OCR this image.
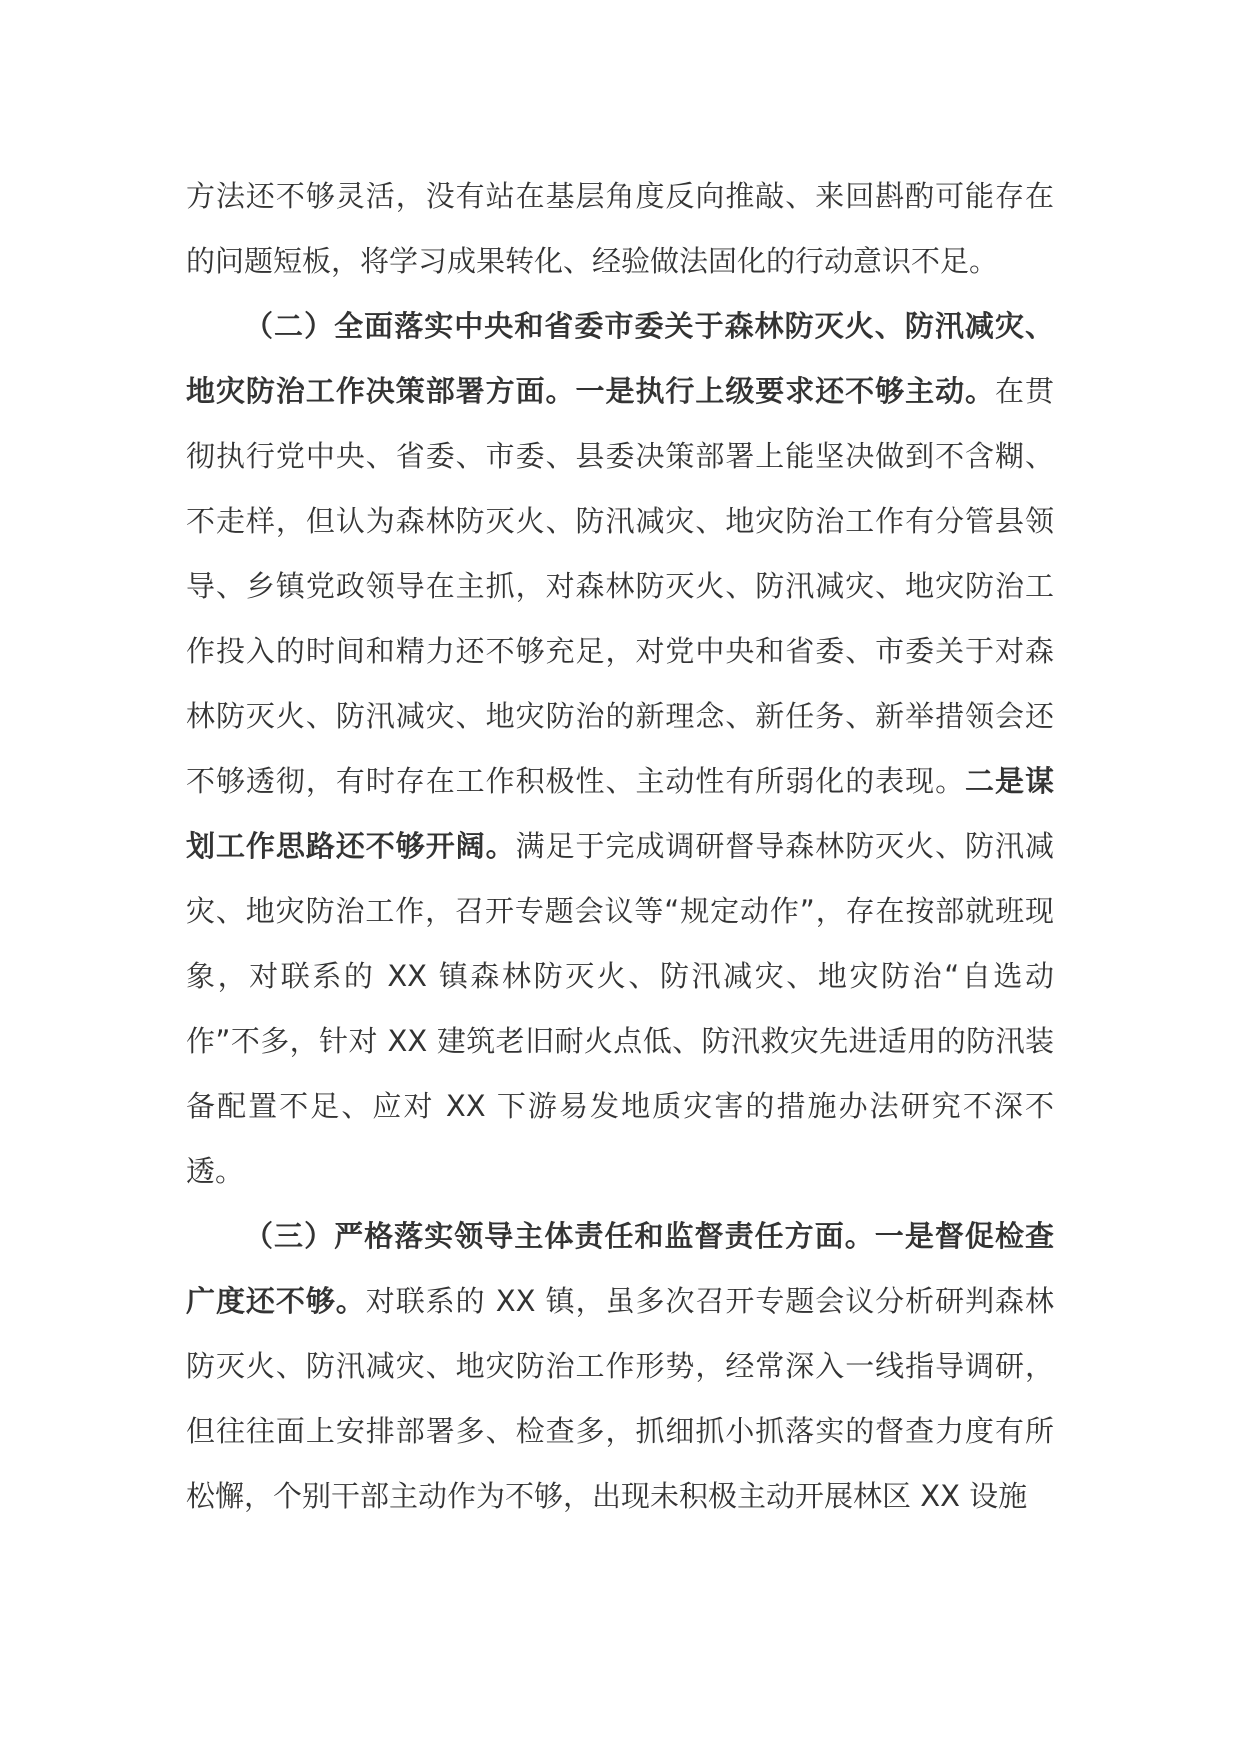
方法还不够灵活，没有站在基层角度反向推敲、来回斟酌可能存在的问题短板，将学习成果转化、经验做法固化的行动意识不足。

（二）全面落实中央和省委市委关于森林防灭火、防汛减灾、地灾防治工作决策部署方面。一是执行上级要求还不够主动。在贯彻执行党中央、省委、市委、县委决策部署上能坚决做到不含糊、不走样，但认为森林防灭火、防汛减灾、地灾防治工作有分管县领导、乡镇党政领导在主抓，对森林防灭火、防汛减灾、地灾防治工作投入的时间和精力还不够充足，对党中央和省委、市委关于对森林防灭火、防汛减灾、地灾防治的新理念、新任务、新举措领会还不够透彻，有时存在工作积极性、主动性有所弱化的表现。二是谋划工作思路还不够开阔。满足于完成调研督导森林防灭火、防汛减灾、地灾防治工作，召开专题会议等“规定动作”，存在按部就班现象，对联系的 XX 镇森林防灭火、防汛减灾、地灾防治“自选动作”不多，针对 XX 建筑老旧耐火点低、防汛救灾先进适用的防汛装备配置不足、应对 XX 下游易发地质灾害的措施办法研究不深不透。

（三）严格落实领导主体责任和监督责任方面。一是督促检查广度还不够。对联系的 XX 镇，虽多次召开专题会议分析研判森林防灭火、防汛减灾、地灾防治工作形势，经常深入一线指导调研，但往往面上安排部署多、检查多，抓细抓小抓落实的督查力度有所松懈，个别干部主动作为不够，出现未积极主动开展林区 XX 设施
